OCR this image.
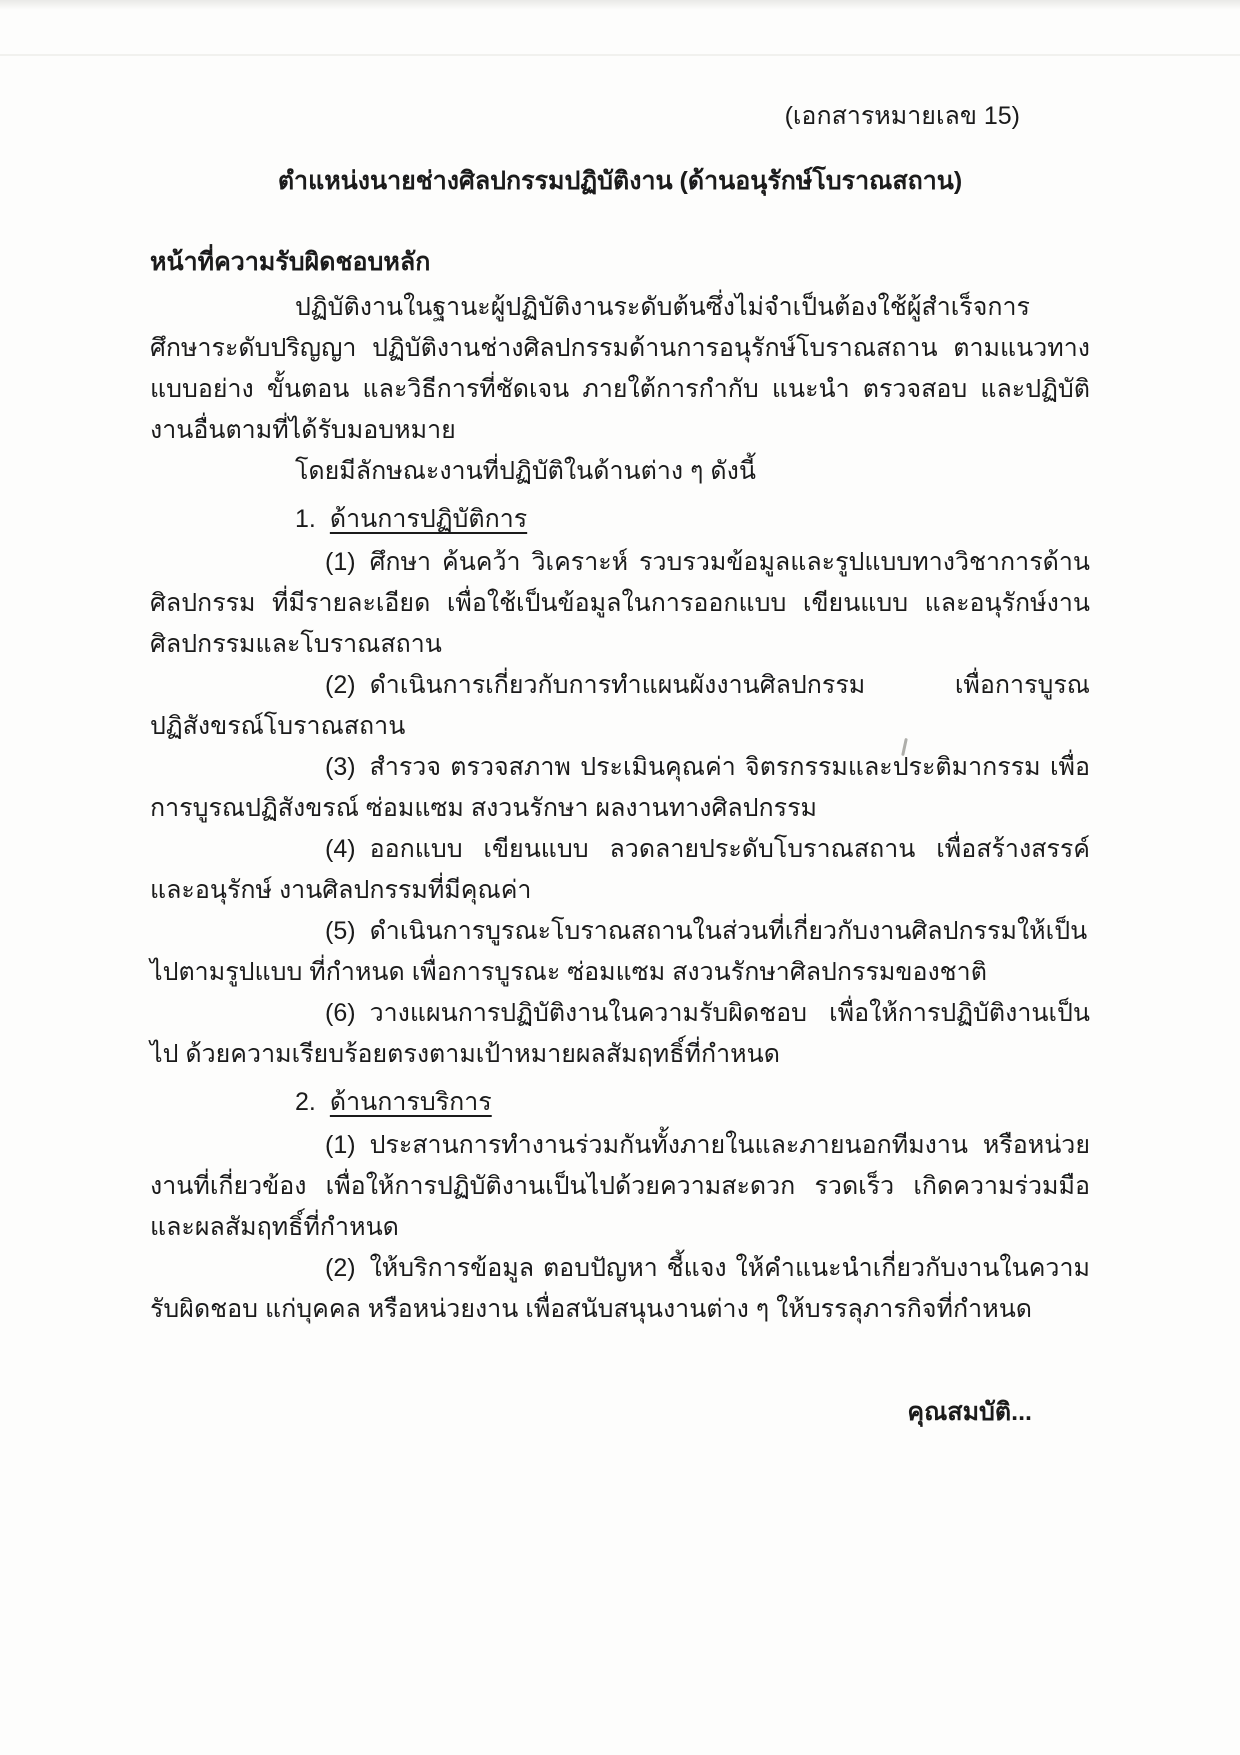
(เอกสารหมายเลข 15)
ตำแหน่งนายช่างศิลปกรรมปฏิบัติงาน (ด้านอนุรักษ์โบราณสถาน)
หน้าที่ความรับผิดชอบหลัก

ปฏิบัติงานในฐานะผู้ปฏิบัติงานระดับต้นซึ่งไม่จำเป็นต้องใช้ผู้สำเร็จการศึกษาระดับปริญญา ปฏิบัติงานช่างศิลปกรรมด้านการอนุรักษ์โบราณสถาน ตามแนวทาง แบบอย่าง ขั้นตอน และวิธีการที่ชัดเจน ภายใต้การกำกับ แนะนำ ตรวจสอบ และปฏิบัติงานอื่นตามที่ได้รับมอบหมาย

โดยมีลักษณะงานที่ปฏิบัติในด้านต่าง ๆ ดังนี้

1. ด้านการปฏิบัติการ

(1) ศึกษา ค้นคว้า วิเคราะห์ รวบรวมข้อมูลและรูปแบบทางวิชาการด้านศิลปกรรม ที่มีรายละเอียด เพื่อใช้เป็นข้อมูลในการออกแบบ เขียนแบบ และอนุรักษ์งานศิลปกรรมและโบราณสถาน

(2) ดำเนินการเกี่ยวกับการทำแผนผังงานศิลปกรรม เพื่อการบูรณปฏิสังขรณ์โบราณสถาน

(3) สำรวจ ตรวจสภาพ ประเมินคุณค่า จิตรกรรมและประติมากรรม เพื่อการบูรณปฏิสังขรณ์ ซ่อมแซม สงวนรักษา ผลงานทางศิลปกรรม

(4) ออกแบบ เขียนแบบ ลวดลายประดับโบราณสถาน เพื่อสร้างสรรค์และอนุรักษ์ งานศิลปกรรมที่มีคุณค่า

(5) ดำเนินการบูรณะโบราณสถานในส่วนที่เกี่ยวกับงานศิลปกรรมให้เป็นไปตามรูปแบบ ที่กำหนด เพื่อการบูรณะ ซ่อมแซม สงวนรักษาศิลปกรรมของชาติ

(6) วางแผนการปฏิบัติงานในความรับผิดชอบ เพื่อให้การปฏิบัติงานเป็นไป ด้วยความเรียบร้อยตรงตามเป้าหมายผลสัมฤทธิ์ที่กำหนด

2. ด้านการบริการ

(1) ประสานการทำงานร่วมกันทั้งภายในและภายนอกทีมงาน หรือหน่วยงานที่เกี่ยวข้อง เพื่อให้การปฏิบัติงานเป็นไปด้วยความสะดวก รวดเร็ว เกิดความร่วมมือและผลสัมฤทธิ์ที่กำหนด

(2) ให้บริการข้อมูล ตอบปัญหา ชี้แจง ให้คำแนะนำเกี่ยวกับงานในความรับผิดชอบ แก่บุคคล หรือหน่วยงาน เพื่อสนับสนุนงานต่าง ๆ ให้บรรลุภารกิจที่กำหนด

คุณสมบัติ...
